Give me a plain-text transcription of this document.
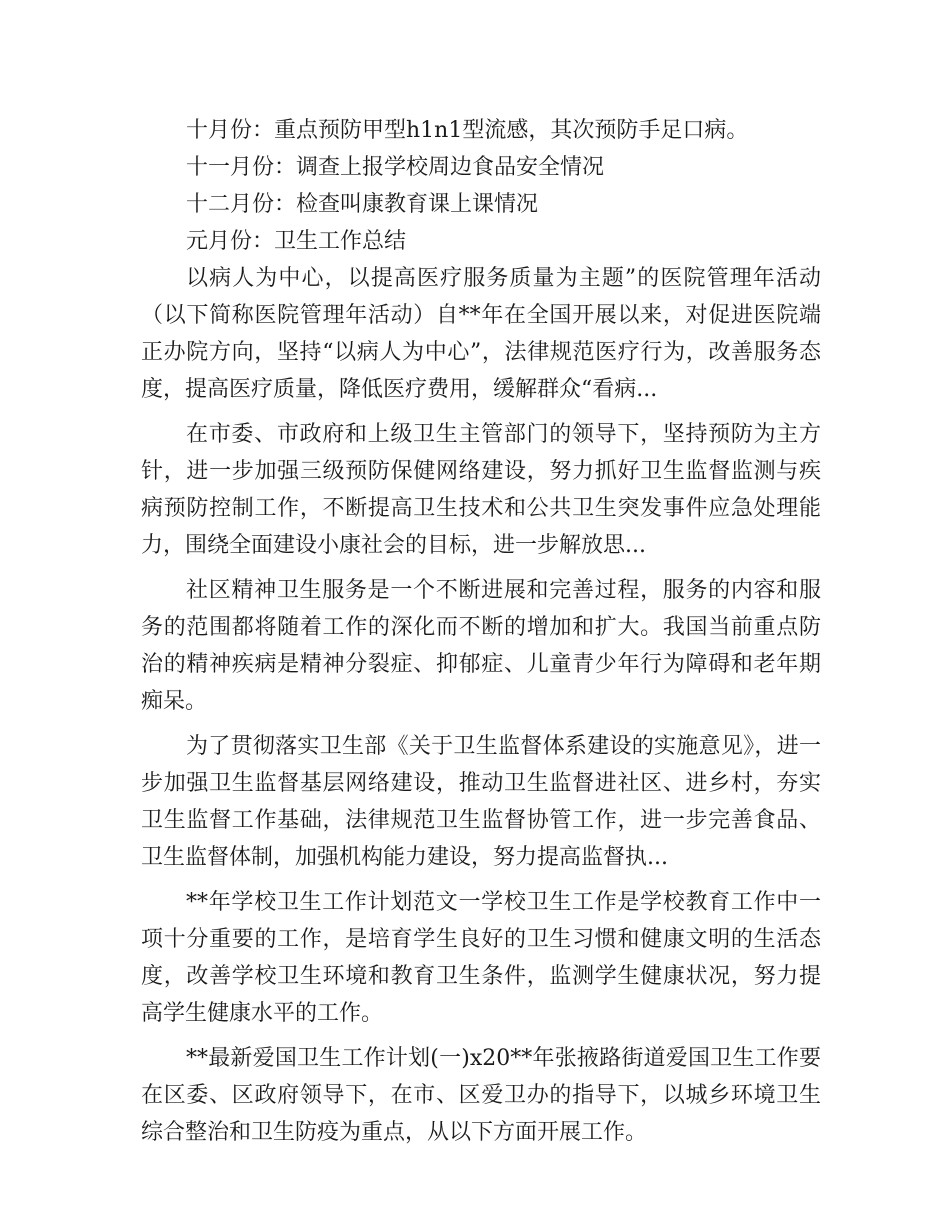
十月份：重点预防甲型h1n1型流感，其次预防手足口病。

十一月份：调查上报学校周边食品安全情况

十二月份：检查叫康教育课上课情况

元月份：卫生工作总结

以病人为中心，以提高医疗服务质量为主题”的医院管理年活动（以下简称医院管理年活动）自**年在全国开展以来，对促进医院端正办院方向，坚持“以病人为中心”，法律规范医疗行为，改善服务态度，提高医疗质量，降低医疗费用，缓解群众“看病...

在市委、市政府和上级卫生主管部门的领导下，坚持预防为主方针，进一步加强三级预防保健网络建设，努力抓好卫生监督监测与疾病预防控制工作，不断提高卫生技术和公共卫生突发事件应急处理能力，围绕全面建设小康社会的目标，进一步解放思...

社区精神卫生服务是一个不断进展和完善过程，服务的内容和服务的范围都将随着工作的深化而不断的增加和扩大。我国当前重点防治的精神疾病是精神分裂症、抑郁症、儿童青少年行为障碍和老年期痴呆。

为了贯彻落实卫生部《关于卫生监督体系建设的实施意见》，进一步加强卫生监督基层网络建设，推动卫生监督进社区、进乡村，夯实卫生监督工作基础，法律规范卫生监督协管工作，进一步完善食品、卫生监督体制，加强机构能力建设，努力提高监督执...

**年学校卫生工作计划范文一学校卫生工作是学校教育工作中一项十分重要的工作，是培育学生良好的卫生习惯和健康文明的生活态度，改善学校卫生环境和教育卫生条件，监测学生健康状况，努力提高学生健康水平的工作。

**最新爱国卫生工作计划(一)x20**年张掖路街道爱国卫生工作要在区委、区政府领导下，在市、区爱卫办的指导下，以城乡环境卫生综合整治和卫生防疫为重点，从以下方面开展工作。
